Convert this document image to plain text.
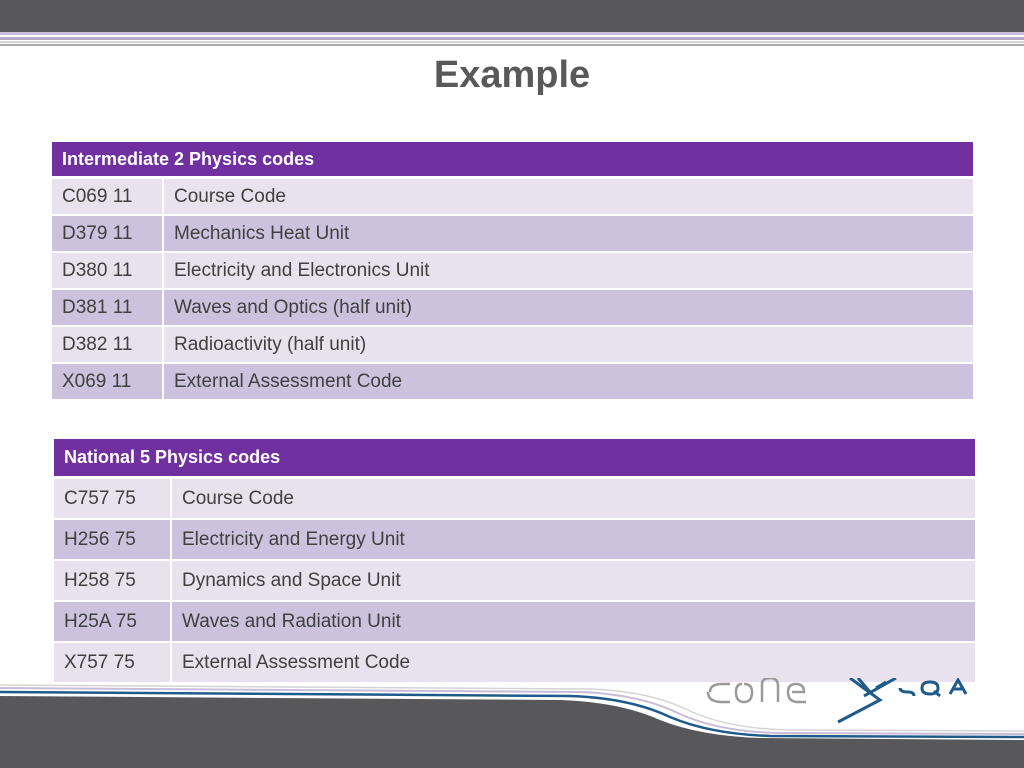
Example
Intermediate 2 Physics codes	
C069 11	Course Code
D379 11	Mechanics Heat Unit
D380 11	Electricity and Electronics Unit
D381 11	Waves and Optics (half unit)
D382 11	Radioactivity (half unit)
X069 11	External Assessment Code
National 5 Physics codes	
C757 75	Course Code
H256 75	Electricity and Energy Unit
H258 75	Dynamics and Space Unit
H25A 75	Waves and Radiation Unit
X757 75	External Assessment Code
